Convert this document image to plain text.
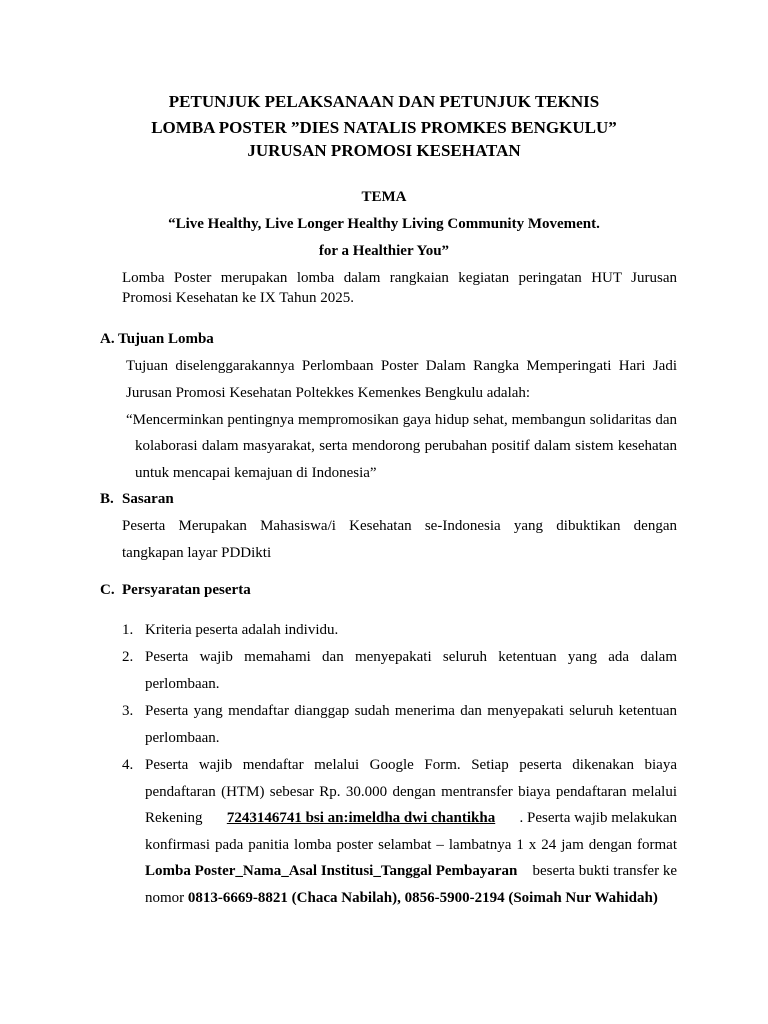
PETUNJUK PELAKSANAAN DAN PETUNJUK TEKNIS
LOMBA POSTER ”DIES NATALIS PROMKES BENGKULU”
JURUSAN PROMOSI KESEHATAN
TEMA
“Live Healthy, Live Longer Healthy Living Community Movement.
for a Healthier You”
Lomba Poster merupakan lomba dalam rangkaian kegiatan peringatan HUT Jurusan
Promosi Kesehatan ke IX Tahun 2025.
A. Tujuan Lomba
Tujuan diselenggarakannya Perlombaan Poster Dalam Rangka Memperingati Hari Jadi
Jurusan Promosi Kesehatan Poltekkes Kemenkes Bengkulu adalah:
“Mencerminkan pentingnya mempromosikan gaya hidup sehat, membangun solidaritas dan
kolaborasi dalam masyarakat, serta mendorong perubahan positif dalam sistem kesehatan
untuk mencapai kemajuan di Indonesia”
B. Sasaran
Peserta Merupakan Mahasiswa/i Kesehatan se-Indonesia yang dibuktikan dengan
tangkapan layar PDDikti
C. Persyaratan peserta
1. Kriteria peserta adalah individu.
2. Peserta wajib memahami dan menyepakati seluruh ketentuan yang ada dalam
perlombaan.
3. Peserta yang mendaftar dianggap sudah menerima dan menyepakati seluruh ketentuan
perlombaan.
4. Peserta wajib mendaftar melalui Google Form. Setiap peserta dikenakan biaya
pendaftaran (HTM) sebesar Rp. 30.000 dengan mentransfer biaya pendaftaran melalui
Rekening 7243146741 bsi an:imeldha dwi chantikha . Peserta wajib melakukan
konfirmasi pada panitia lomba poster selambat – lambatnya 1 x 24 jam dengan format
Lomba Poster_Nama_Asal Institusi_Tanggal Pembayaran beserta bukti transfer ke
nomor 0813-6669-8821 (Chaca Nabilah), 0856-5900-2194 (Soimah Nur Wahidah)
